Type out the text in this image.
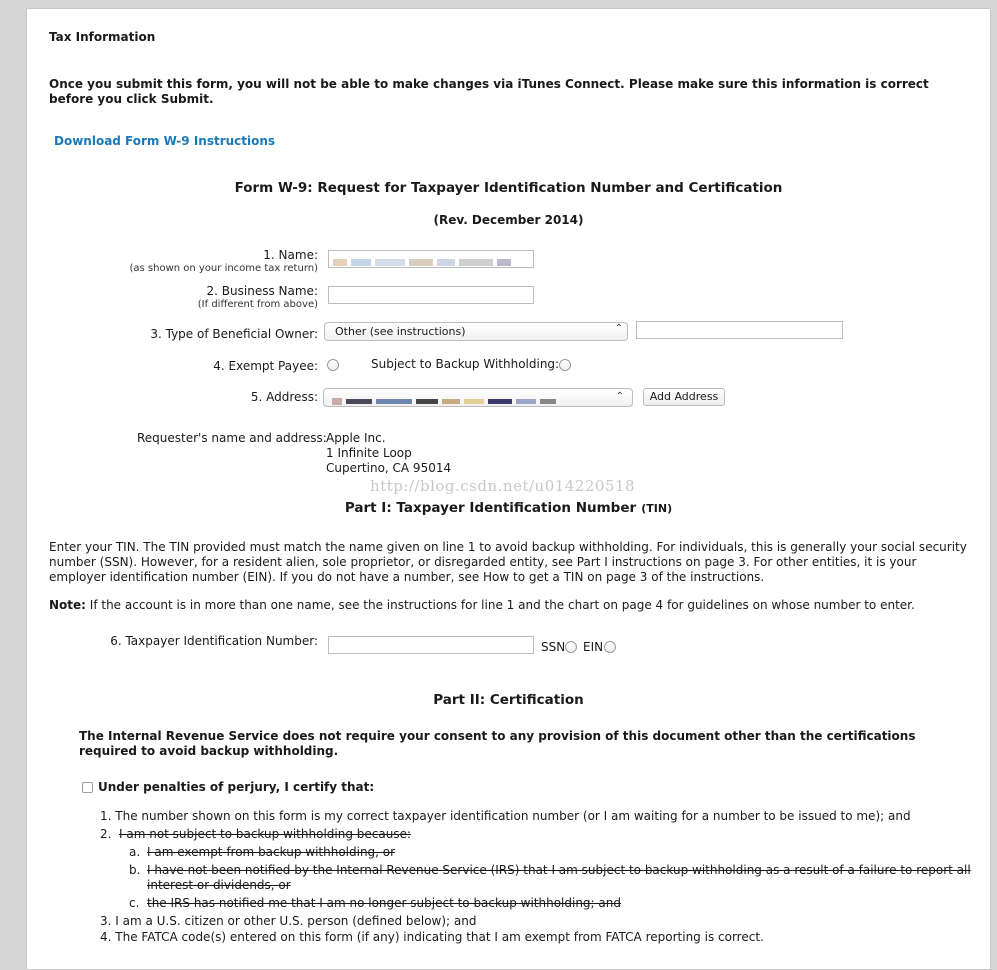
Tax Information
Once you submit this form, you will not be able to make changes via iTunes Connect. Please make sure this information is correct before you click Submit.
Download Form W-9 Instructions
Form W-9: Request for Taxpayer Identification Number and Certification
(Rev. December 2014)
1. Name:
(as shown on your income tax return)
2. Business Name:
(If different from above)
3. Type of Beneficial Owner:	Other (see instructions)	⌃

4. Exempt Payee:	Subject to Backup Withholding:
5. Address:	⌃	Add Address
Requester's name and address: Apple Inc.
1 Infinite Loop
Cupertino, CA 95014
http://blog.csdn.net/u014220518
Part I: Taxpayer Identification Number (TIN)
Enter your TIN. The TIN provided must match the name given on line 1 to avoid backup withholding. For individuals, this is generally your social security number (SSN). However, for a resident alien, sole proprietor, or disregarded entity, see Part I instructions on page 3. For other entities, it is your employer identification number (EIN). If you do not have a number, see How to get a TIN on page 3 of the instructions.
Note: If the account is in more than one name, see the instructions for line 1 and the chart on page 4 for guidelines on whose number to enter.
6. Taxpayer Identification Number:	SSN EIN
Part II: Certification
The Internal Revenue Service does not require your consent to any provision of this document other than the certifications required to avoid backup withholding.
Under penalties of perjury, I certify that:
1. The number shown on this form is my correct taxpayer identification number (or I am waiting for a number to be issued to me); and
2. I am not subject to backup withholding because:
a. I am exempt from backup withholding, or
b. I have not been notified by the Internal Revenue Service (IRS) that I am subject to backup withholding as a result of a failure to report all
interest or dividends, or
c. the IRS has notified me that I am no longer subject to backup withholding; and
3. I am a U.S. citizen or other U.S. person (defined below); and
4. The FATCA code(s) entered on this form (if any) indicating that I am exempt from FATCA reporting is correct.
